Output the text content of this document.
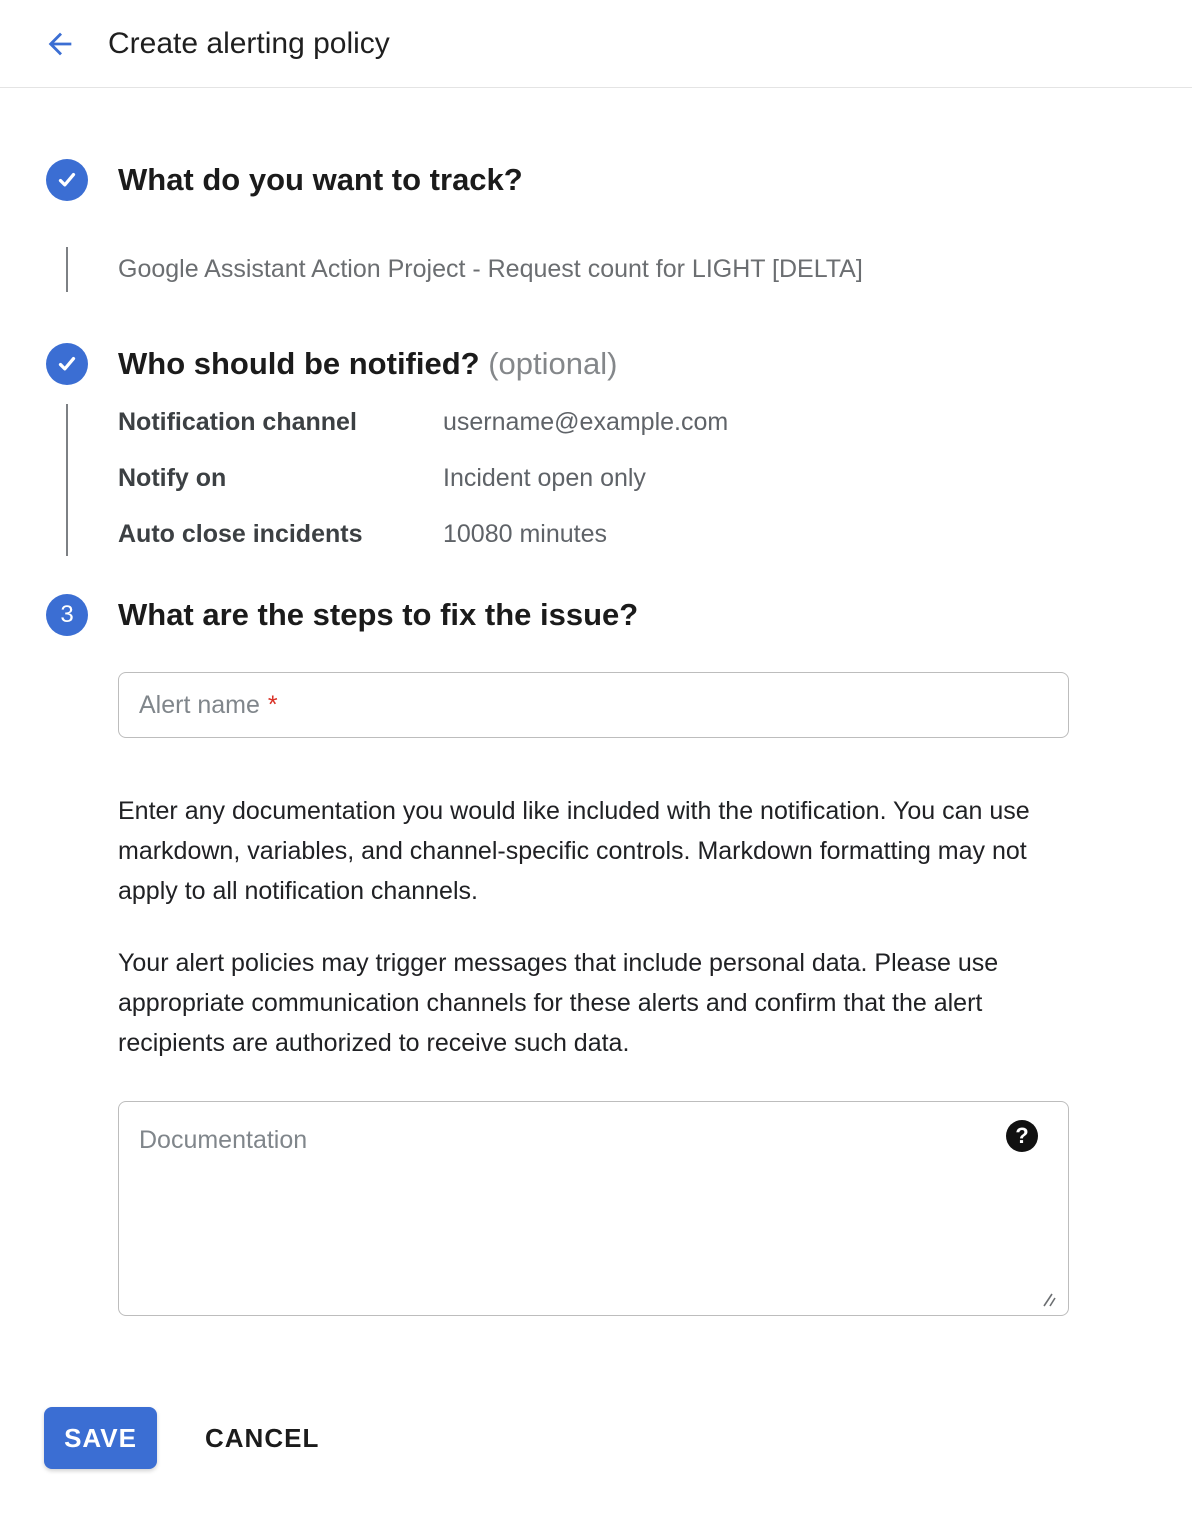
Create alerting policy
What do you want to track?
Google Assistant Action Project - Request count for LIGHT [DELTA]
Who should be notified? (optional)
Notification channel	username@example.com
Notify on	Incident open only
Auto close incidents	10080 minutes
3	What are the steps to fix the issue?
Alert name *

Enter any documentation you would like included with the notification. You can use markdown, variables, and channel-specific controls. Markdown formatting may not apply to all notification channels.

Your alert policies may trigger messages that include personal data. Please use appropriate communication channels for these alerts and confirm that the alert recipients are authorized to receive such data.

Documentation	?
SAVE	CANCEL
